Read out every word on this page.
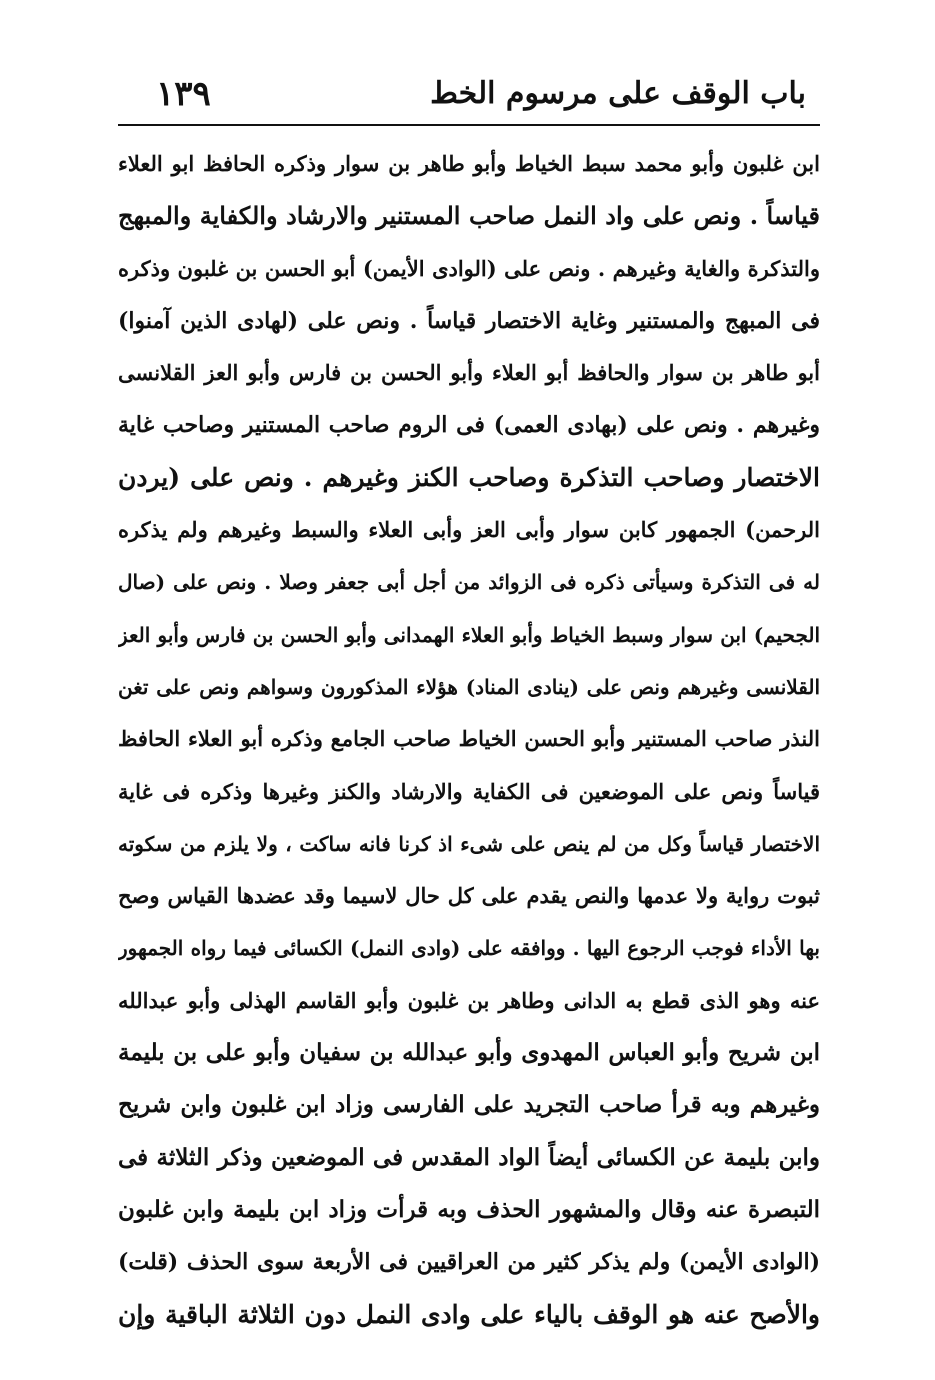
١٣٩	باب الوقف على مرسوم الخط
ابن غلبون وأبو محمد سبط الخياط وأبو طاهر بن سوار وذكره الحافظ ابو العلاء
قياساً . ونص على واد النمل صاحب المستنير والارشاد والكفاية والمبهج
والتذكرة والغاية وغيرهم . ونص على (الوادى الأيمن) أبو الحسن بن غلبون وذكره
فى المبهج والمستنير وغاية الاختصار قياساً . ونص على (لهادى الذين آمنوا)
أبو طاهر بن سوار والحافظ أبو العلاء وأبو الحسن بن فارس وأبو العز القلانسى
وغيرهم . ونص على (بهادى العمى) فى الروم صاحب المستنير وصاحب غاية
الاختصار وصاحب التذكرة وصاحب الكنز وغيرهم . ونص على (يردن
الرحمن) الجمهور كابن سوار وأبى العز وأبى العلاء والسبط وغيرهم ولم يذكره
له فى التذكرة وسيأتى ذكره فى الزوائد من أجل أبى جعفر وصلا . ونص على (صال
الجحيم) ابن سوار وسبط الخياط وأبو العلاء الهمدانى وأبو الحسن بن فارس وأبو العز
القلانسى وغيرهم ونص على (ينادى المناد) هؤلاء المذكورون وسواهم ونص على تغن
النذر صاحب المستنير وأبو الحسن الخياط صاحب الجامع وذكره أبو العلاء الحافظ
قياساً ونص على الموضعين فى الكفاية والارشاد والكنز وغيرها وذكره فى غاية
الاختصار قياساً وكل من لم ينص على شىء اذ كرنا فانه ساكت ، ولا يلزم من سكوته
ثبوت رواية ولا عدمها والنص يقدم على كل حال لاسيما وقد عضدها القياس وصح
بها الأداء فوجب الرجوع اليها . ووافقه على (وادى النمل) الكسائى فيما رواه الجمهور
عنه وهو الذى قطع به الدانى وطاهر بن غلبون وأبو القاسم الهذلى وأبو عبدالله
ابن شريح وأبو العباس المهدوى وأبو عبدالله بن سفيان وأبو على بن بليمة
وغيرهم وبه قرأ صاحب التجريد على الفارسى وزاد ابن غلبون وابن شريح
وابن بليمة عن الكسائى أيضاً الواد المقدس فى الموضعين وذكر الثلاثة فى
التبصرة عنه وقال والمشهور الحذف وبه قرأت وزاد ابن بليمة وابن غلبون
(الوادى الأيمن) ولم يذكر كثير من العراقيين فى الأربعة سوى الحذف (قلت)
والأصح عنه هو الوقف بالياء على وادى النمل دون الثلاثة الباقية وإن
